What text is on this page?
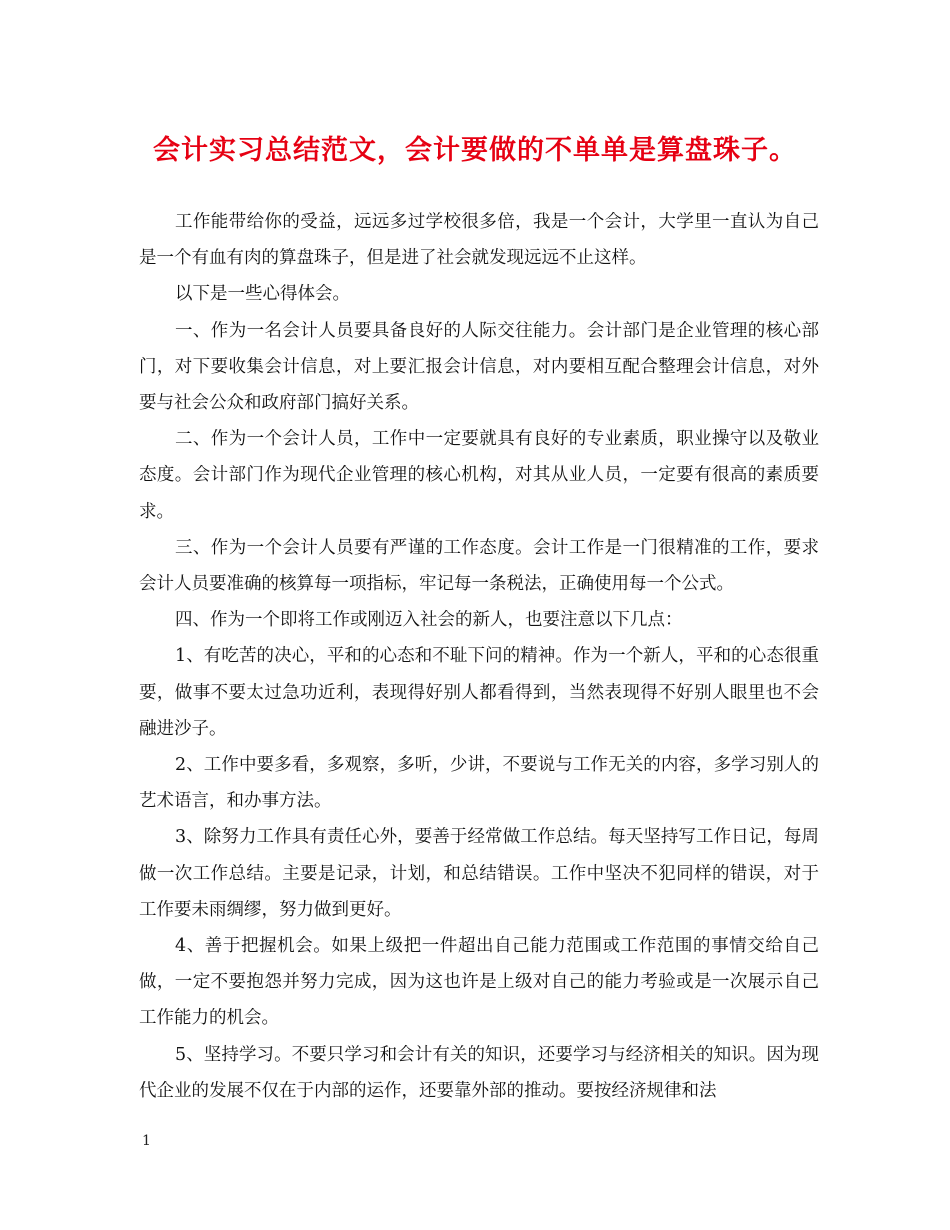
会计实习总结范文，会计要做的不单单是算盘珠子。

工作能带给你的受益，远远多过学校很多倍，我是一个会计，大学里一直认为自己是一个有血有肉的算盘珠子，但是进了社会就发现远远不止这样。

以下是一些心得体会。

一、作为一名会计人员要具备良好的人际交往能力。会计部门是企业管理的核心部门，对下要收集会计信息，对上要汇报会计信息，对内要相互配合整理会计信息，对外要与社会公众和政府部门搞好关系。

二、作为一个会计人员，工作中一定要就具有良好的专业素质，职业操守以及敬业态度。会计部门作为现代企业管理的核心机构，对其从业人员，一定要有很高的素质要求。

三、作为一个会计人员要有严谨的工作态度。会计工作是一门很精准的工作，要求会计人员要准确的核算每一项指标，牢记每一条税法，正确使用每一个公式。

四、作为一个即将工作或刚迈入社会的新人，也要注意以下几点：

1、有吃苦的决心，平和的心态和不耻下问的精神。作为一个新人，平和的心态很重要，做事不要太过急功近利，表现得好别人都看得到，当然表现得不好别人眼里也不会融进沙子。

2、工作中要多看，多观察，多听，少讲，不要说与工作无关的内容，多学习别人的艺术语言，和办事方法。

3、除努力工作具有责任心外，要善于经常做工作总结。每天坚持写工作日记，每周做一次工作总结。主要是记录，计划，和总结错误。工作中坚决不犯同样的错误，对于工作要未雨绸缪，努力做到更好。

4、善于把握机会。如果上级把一件超出自己能力范围或工作范围的事情交给自己做，一定不要抱怨并努力完成，因为这也许是上级对自己的能力考验或是一次展示自己工作能力的机会。

5、坚持学习。不要只学习和会计有关的知识，还要学习与经济相关的知识。因为现代企业的发展不仅在于内部的运作，还要靠外部的推动。要按经济规律和法

1
